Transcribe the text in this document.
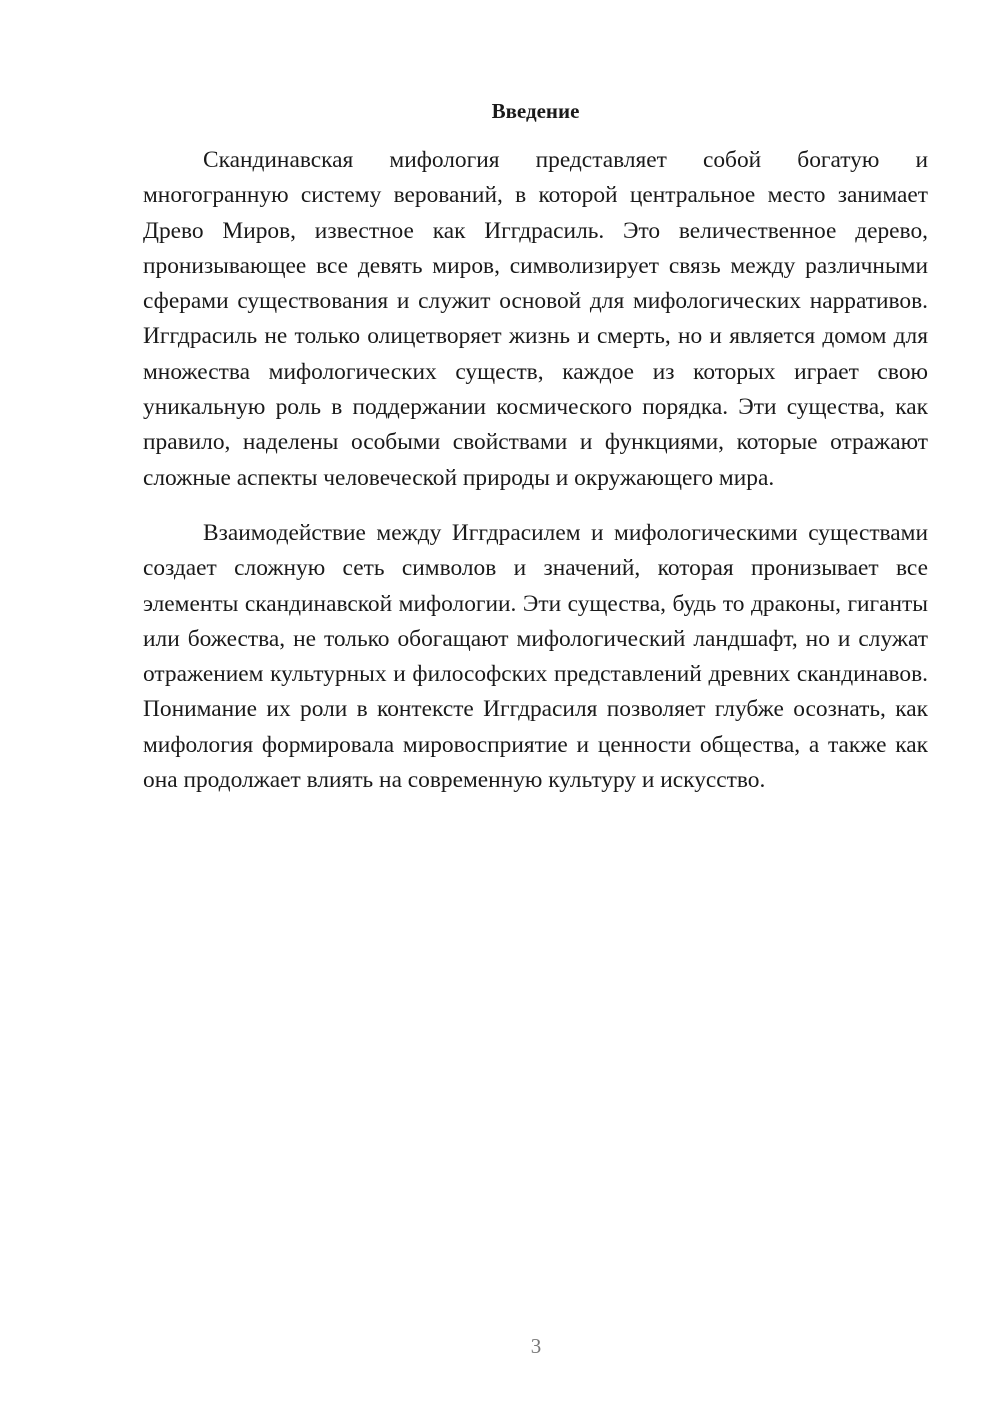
Введение

Скандинавская мифология представляет собой богатую и многогранную систему верований, в которой центральное место занимает Древо Миров, известное как Иггдрасиль. Это величественное дерево, пронизывающее все девять миров, символизирует связь между различными сферами существования и служит основой для мифологических нарративов. Иггдрасиль не только олицетворяет жизнь и смерть, но и является домом для множества мифологических существ, каждое из которых играет свою уникальную роль в поддержании космического порядка. Эти существа, как правило, наделены особыми свойствами и функциями, которые отражают сложные аспекты человеческой природы и окружающего мира.

Взаимодействие между Иггдрасилем и мифологическими существами создает сложную сеть символов и значений, которая пронизывает все элементы скандинавской мифологии. Эти существа, будь то драконы, гиганты или божества, не только обогащают мифологический ландшафт, но и служат отражением культурных и философских представлений древних скандинавов. Понимание их роли в контексте Иггдрасиля позволяет глубже осознать, как мифология формировала мировосприятие и ценности общества, а также как она продолжает влиять на современную культуру и искусство.

3
